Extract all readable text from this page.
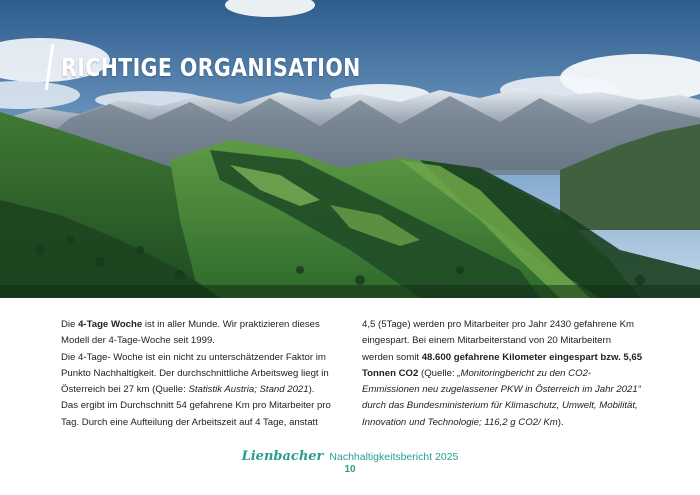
RICHTIGE ORGANISATION

Die 4-Tage Woche ist in aller Munde. Wir praktizieren dieses Modell der 4-Tage-Woche seit 1999.

Die 4-Tage- Woche ist ein nicht zu unterschätzender Faktor im Punkto Nachhaltigkeit. Der durchschnittliche Arbeitsweg liegt in Österreich bei 27 km (Quelle: Statistik Austria; Stand 2021).

Das ergibt im Durchschnitt 54 gefahrene Km pro Mitarbeiter pro Tag. Durch eine Aufteilung der Arbeitszeit auf 4 Tage, anstatt

4,5 (5Tage) werden pro Mitarbeiter pro Jahr 2430 gefahrene Km eingespart. Bei einem Mitarbeiterstand von 20 Mitarbeitern werden somit 48.600 gefahrene Kilometer eingespart bzw. 5,65 Tonnen CO2 (Quelle: „Monitoringbericht zu den CO2-Emmissionen neu zugelassener PKW in Österreich im Jahr 2021“ durch das Bundesministerium für Klimaschutz, Umwelt, Mobilität, Innovation und Technologie; 116,2 g CO2/ Km).

Lienbacher Nachhaltigkeitsbericht 2025
10
